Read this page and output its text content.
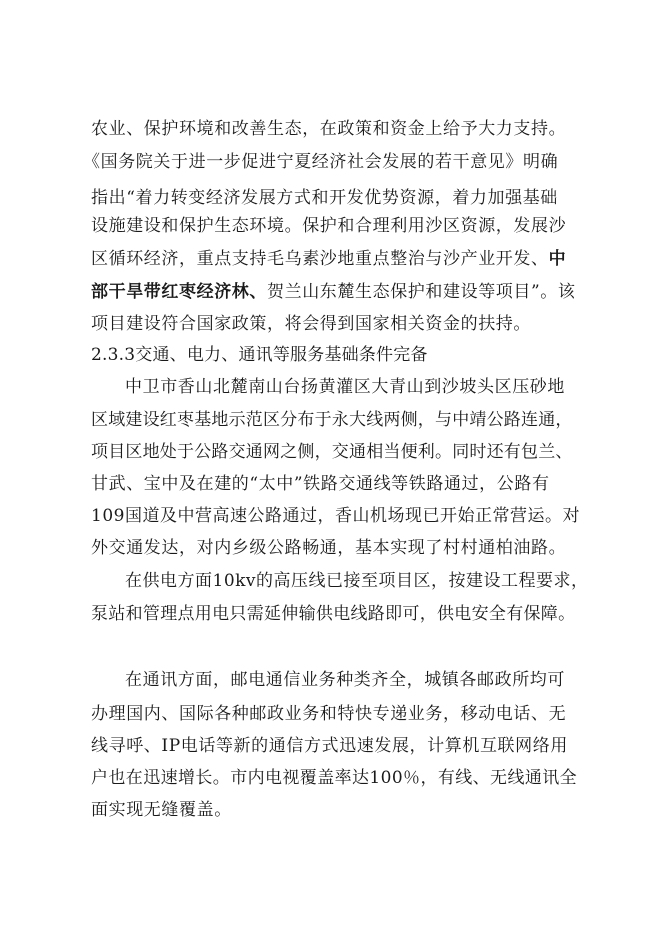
农业、保护环境和改善生态，在政策和资金上给予大力支持。
《国务院关于进一步促进宁夏经济社会发展的若干意见》明确
指出“着力转变经济发展方式和开发优势资源，着力加强基础
设施建设和保护生态环境。保护和合理利用沙区资源，发展沙
区循环经济，重点支持毛乌素沙地重点整治与沙产业开发、中
部干旱带红枣经济林、贺兰山东麓生态保护和建设等项目”。该
项目建设符合国家政策，将会得到国家相关资金的扶持。
2.3.3交通、电力、通讯等服务基础条件完备
中卫市香山北麓南山台扬黄灌区大青山到沙坡头区压砂地
区域建设红枣基地示范区分布于永大线两侧，与中靖公路连通，
项目区地处于公路交通网之侧，交通相当便利。同时还有包兰、
甘武、宝中及在建的“太中”铁路交通线等铁路通过，公路有
109国道及中营高速公路通过，香山机场现已开始正常营运。对
外交通发达，对内乡级公路畅通，基本实现了村村通柏油路。
在供电方面10kv的高压线已接至项目区，按建设工程要求，
泵站和管理点用电只需延伸输供电线路即可，供电安全有保障。
在通讯方面，邮电通信业务种类齐全，城镇各邮政所均可
办理国内、国际各种邮政业务和特快专递业务，移动电话、无
线寻呼、IP电话等新的通信方式迅速发展，计算机互联网络用
户也在迅速增长。市内电视覆盖率达100％，有线、无线通讯全
面实现无缝覆盖。
